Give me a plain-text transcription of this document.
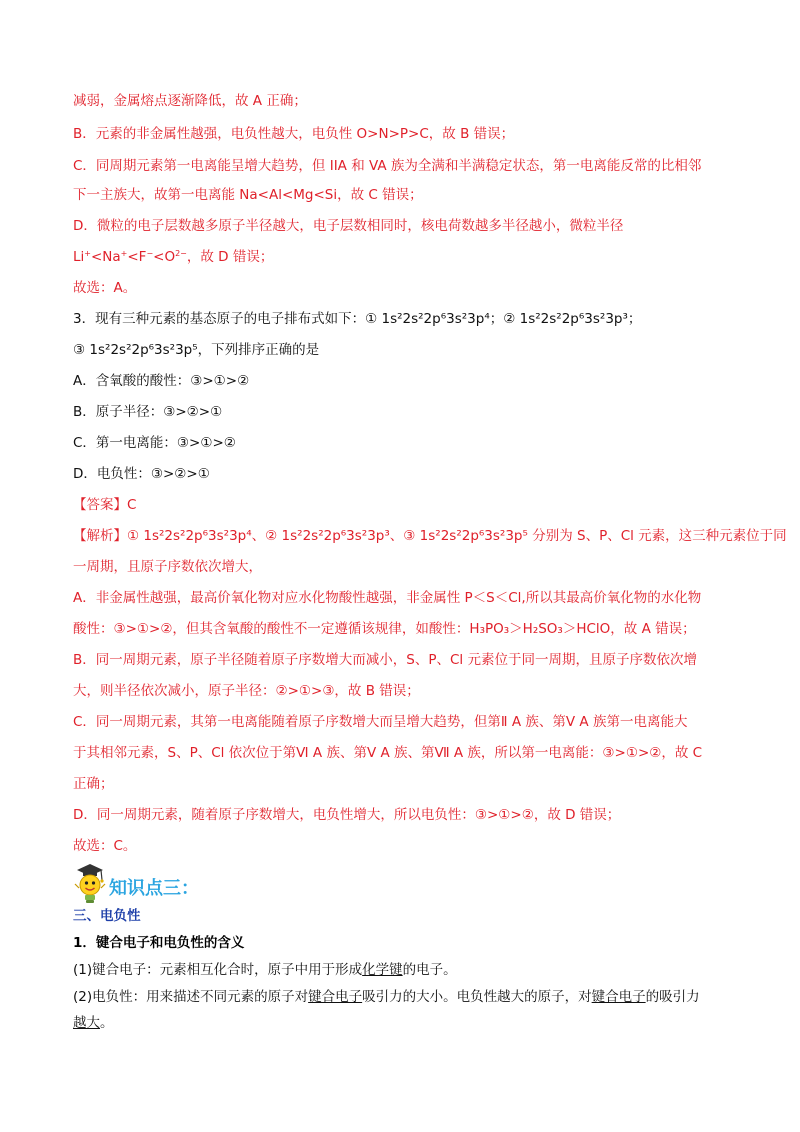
减弱，金属熔点逐渐降低，故 A 正确；
B．元素的非金属性越强，电负性越大，电负性 O>N>P>C，故 B 错误；
C．同周期元素第一电离能呈增大趋势，但 IIA 和 VA 族为全满和半满稳定状态，第一电离能反常的比相邻
下一主族大，故第一电离能 Na<Al<Mg<Si，故 C 错误；
D．微粒的电子层数越多原子半径越大，电子层数相同时，核电荷数越多半径越小，微粒半径
$Li^+<Na^+<F^-<O^{2-}$，故 D 错误；
故选：A。
3．现有三种元素的基态原子的电子排布式如下：① 1s²2s²2p⁶3s²3p⁴；② 1s²2s²2p⁶3s²3p³；
③ 1s²2s²2p⁶3s²3p⁵，下列排序正确的是
A．含氧酸的酸性：③>①>②
B．原子半径：③>②>①
C．第一电离能：③>①>②
D．电负性：③>②>①
【答案】C
【解析】① 1s²2s²2p⁶3s²3p⁴、② 1s²2s²2p⁶3s²3p³、③ 1s²2s²2p⁶3s²3p⁵ 分别为 S、P、Cl 元素，这三种元素位于同
一周期，且原子序数依次增大，
A．非金属性越强，最高价氧化物对应水化物酸性越强，非金属性 P＜S＜Cl,所以其最高价氧化物的水化物
酸性：③>①>②，但其含氧酸的酸性不一定遵循该规律，如酸性：H₃PO₃＞H₂SO₃＞HClO，故 A 错误；
B．同一周期元素，原子半径随着原子序数增大而减小，S、P、Cl 元素位于同一周期，且原子序数依次增
大，则半径依次减小，原子半径：②>①>③，故 B 错误；
C．同一周期元素，其第一电离能随着原子序数增大而呈增大趋势，但第Ⅱ A 族、第Ⅴ A 族第一电离能大
于其相邻元素，S、P、Cl 依次位于第Ⅵ A 族、第Ⅴ A 族、第Ⅶ A 族，所以第一电离能：③>①>②，故 C
正确；
D．同一周期元素，随着原子序数增大，电负性增大，所以电负性：③>①>②，故 D 错误；
故选：C。
知识点三：
三、电负性
1．键合电子和电负性的含义
(1)键合电子：元素相互化合时，原子中用于形成化学键的电子。
(2)电负性：用来描述不同元素的原子对键合电子吸引力的大小。电负性越大的原子，对键合电子的吸引力
越大。
